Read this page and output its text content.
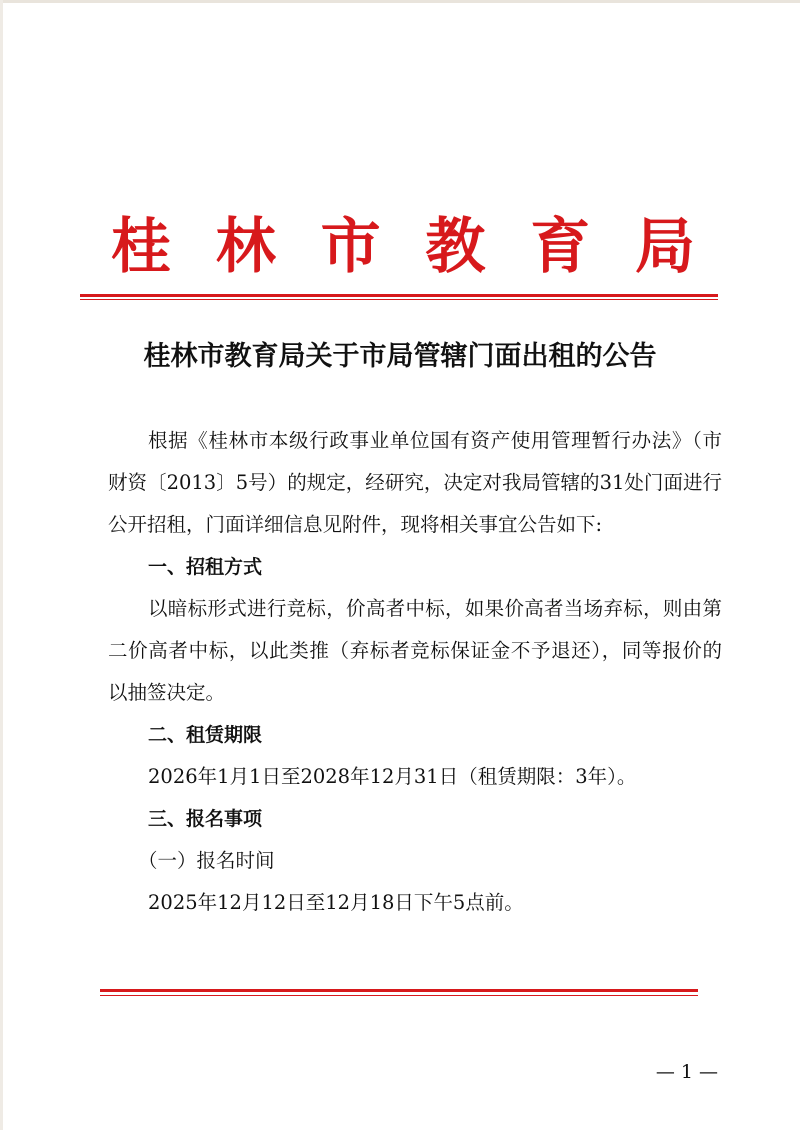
桂 林 市 教 育 局
桂林市教育局关于市局管辖门面出租的公告

根据《桂林市本级行政事业单位国有资产使用管理暂行办法》（市财资〔2013〕5号）的规定，经研究，决定对我局管辖的31处门面进行公开招租，门面详细信息见附件，现将相关事宜公告如下:

一、招租方式

以暗标形式进行竞标，价高者中标，如果价高者当场弃标，则由第二价高者中标，以此类推（弃标者竞标保证金不予退还），同等报价的以抽签决定。

二、租赁期限

2026年1月1日至2028年12月31日（租赁期限：3年）。

三、报名事项

（一）报名时间

2025年12月12日至12月18日下午5点前。

— 1 —
